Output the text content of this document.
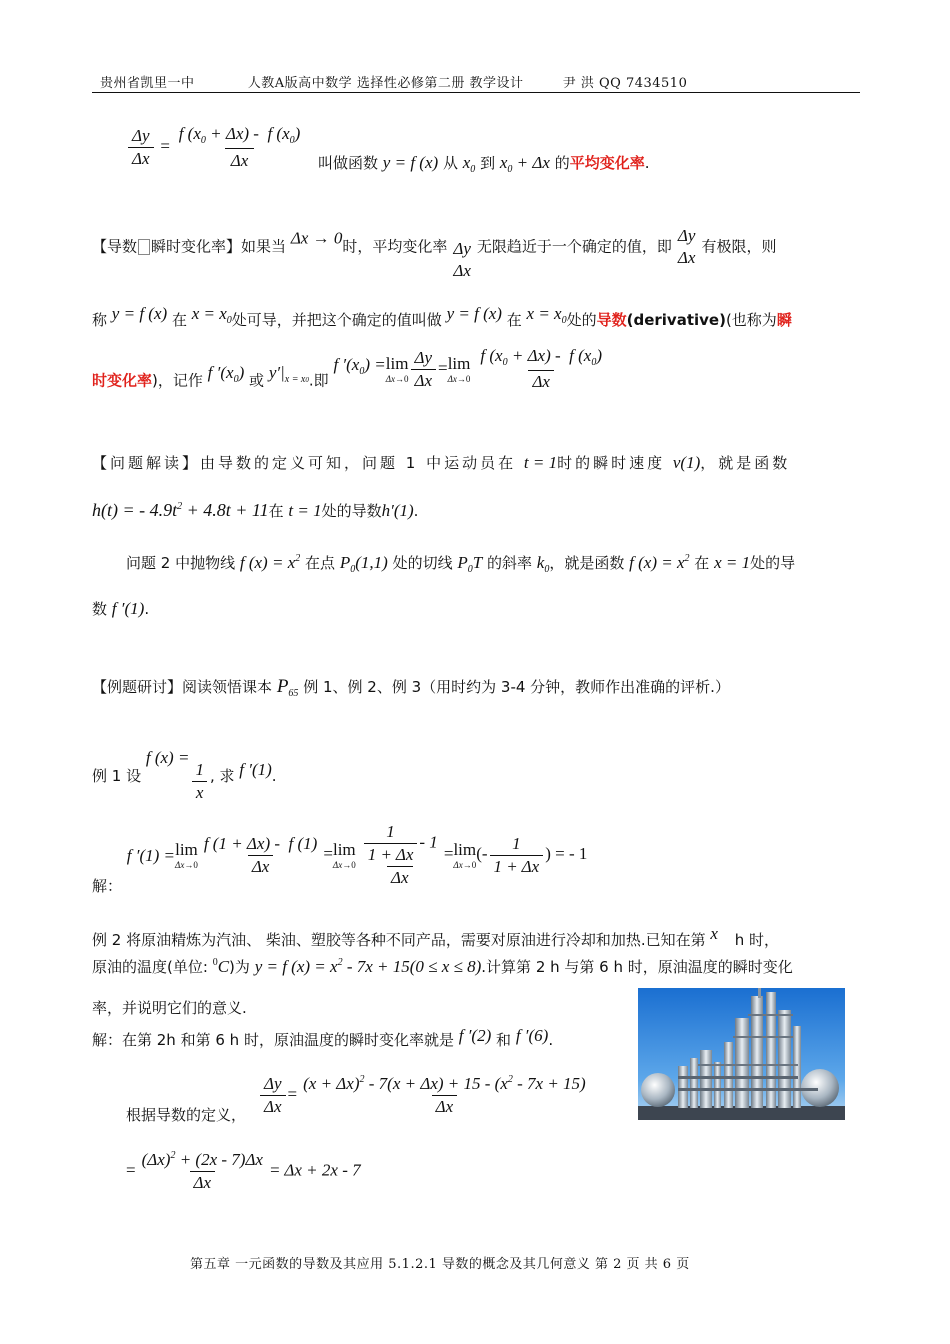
贵州省凯里一中	人教A版高中数学 选择性必修第二册 教学设计	尹 洪 QQ 7434510
$\frac{\Delta y}{\Delta x} = \frac{f (x_0 + \Delta x) - f (x_0)}{\Delta x}$ 叫做函数 y = f (x) 从 $x_0$ 到 $x_0 + \Delta x$ 的平均变化率.
【导数 瞬时变化率】如果当 Δx → 0时，平均变化率 Δy
Δx
无限趋近于一个确定的值，即
Δy
Δx
有极限，则
称 y = f (x) 在 $x = x_0$处可导，并把这个确定的值叫做 y = f (x) 在 $x = x_0$处的导数(derivative)(也称为瞬
时变化率)，记作 f $'(x_0)$ 或 $y'|_{x = x0}$.即 f $'(x_0) = \lim$
$\Delta x\to 0 \frac{\Delta y}{\Delta x} = \lim$
$\Delta x\to 0 \frac{f (x_0 + \Delta x) - f (x_0)}{\Delta x}$
【问题解读】由导数的定义可知，问题 1 中运动员在 t = 1时的瞬时速度 v(1)，就是函数
h(t) = - $4.9t^2 + 4.8t + 11$在 t = 1处的导数h′(1).
问题 2 中抛物线 f $(x) = x^2$ 在点 $P_0(1,1)$ 处的切线 $P_0T$ 的斜率 $k_0$，就是函数 f $(x) = x^2$ 在 x = 1处的导
数 f ′(1).
【例题研讨】阅读领悟课本 $P_{65}$ 例 1、例 2、例 3（用时约为 3-4 分钟，教师作出准确的评析.）
例 1 设 f (x) =
$\frac{1}{x}$ , 求 f ′(1).
解： f ′(1) = lim
$\Delta x\to 0 \frac{f (1 + \Delta x) - f (1)}{\Delta x} = \lim$
$\Delta x\to 0 \frac{\frac{1}{1 + \Delta x} - 1}{\Delta x} = \lim$
Δx→0
(- $\frac{1}{1 + \Delta x}$ ) = - 1
例 2 将原油精炼为汽油、 柴油、塑胶等各种不同产品，需要对原油进行冷却和加热.已知在第 x h 时，
原油的温度(单位: $^0$C)为 y = f $(x) = x^2 - 7x + 15(0 \le x \le 8)$.计算第 2 h 与第 6 h 时，原油温度的瞬时变化
率，并说明它们的意义.
解：在第 2h 和第 6 h 时，原油温度的瞬时变化率就是 f ′(2) 和 f ′(6).
$\frac{\Delta y}{\Delta x} = \frac{(x + \Delta x)^2 - 7(x + \Delta x) + 15 - (x^2 - 7x + 15)}{\Delta x}$
根据导数的定义，
= $\frac{(\Delta x)^2 + (2x - 7)\Delta x}{\Delta x} = \Delta x + 2x - 7$
第五章 一元函数的导数及其应用 5.1.2.1 导数的概念及其几何意义 第 2 页 共 6 页
